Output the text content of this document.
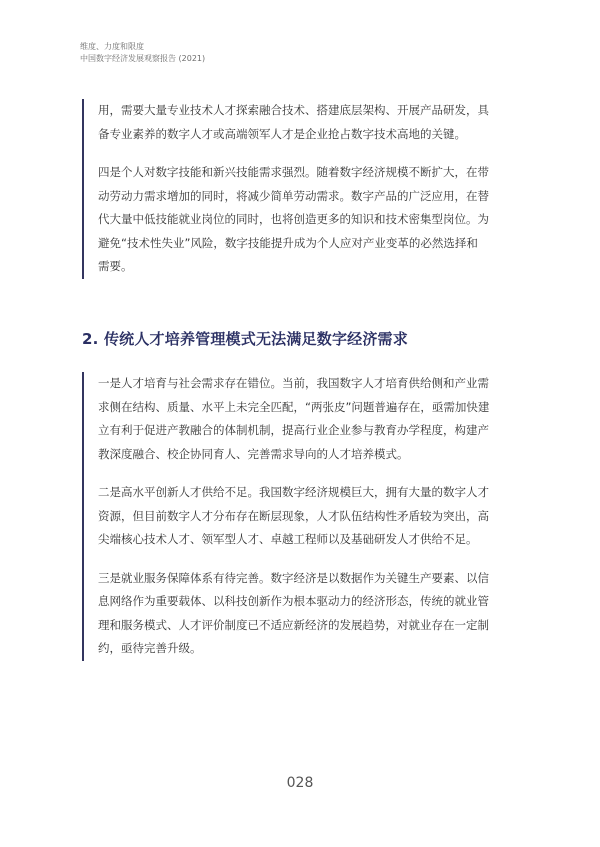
维度、力度和限度
中国数字经济发展观察报告 (2021)

用，需要大量专业技术人才探索融合技术、搭建底层架构、开展产品研发，具
备专业素养的数字人才或高端领军人才是企业抢占数字技术高地的关键。

四是个人对数字技能和新兴技能需求强烈。随着数字经济规模不断扩大，在带
动劳动力需求增加的同时，将减少简单劳动需求。数字产品的广泛应用，在替
代大量中低技能就业岗位的同时，也将创造更多的知识和技术密集型岗位。为
避免“技术性失业”风险，数字技能提升成为个人应对产业变革的必然选择和
需要。

2. 传统人才培养管理模式无法满足数字经济需求

一是人才培育与社会需求存在错位。当前，我国数字人才培育供给侧和产业需
求侧在结构、质量、水平上未完全匹配，“两张皮”问题普遍存在，亟需加快建
立有利于促进产教融合的体制机制，提高行业企业参与教育办学程度，构建产
教深度融合、校企协同育人、完善需求导向的人才培养模式。

二是高水平创新人才供给不足。我国数字经济规模巨大，拥有大量的数字人才
资源，但目前数字人才分布存在断层现象，人才队伍结构性矛盾较为突出，高
尖端核心技术人才、领军型人才、卓越工程师以及基础研发人才供给不足。

三是就业服务保障体系有待完善。数字经济是以数据作为关键生产要素、以信
息网络作为重要载体、以科技创新作为根本驱动力的经济形态，传统的就业管
理和服务模式、人才评价制度已不适应新经济的发展趋势，对就业存在一定制
约，亟待完善升级。

028
